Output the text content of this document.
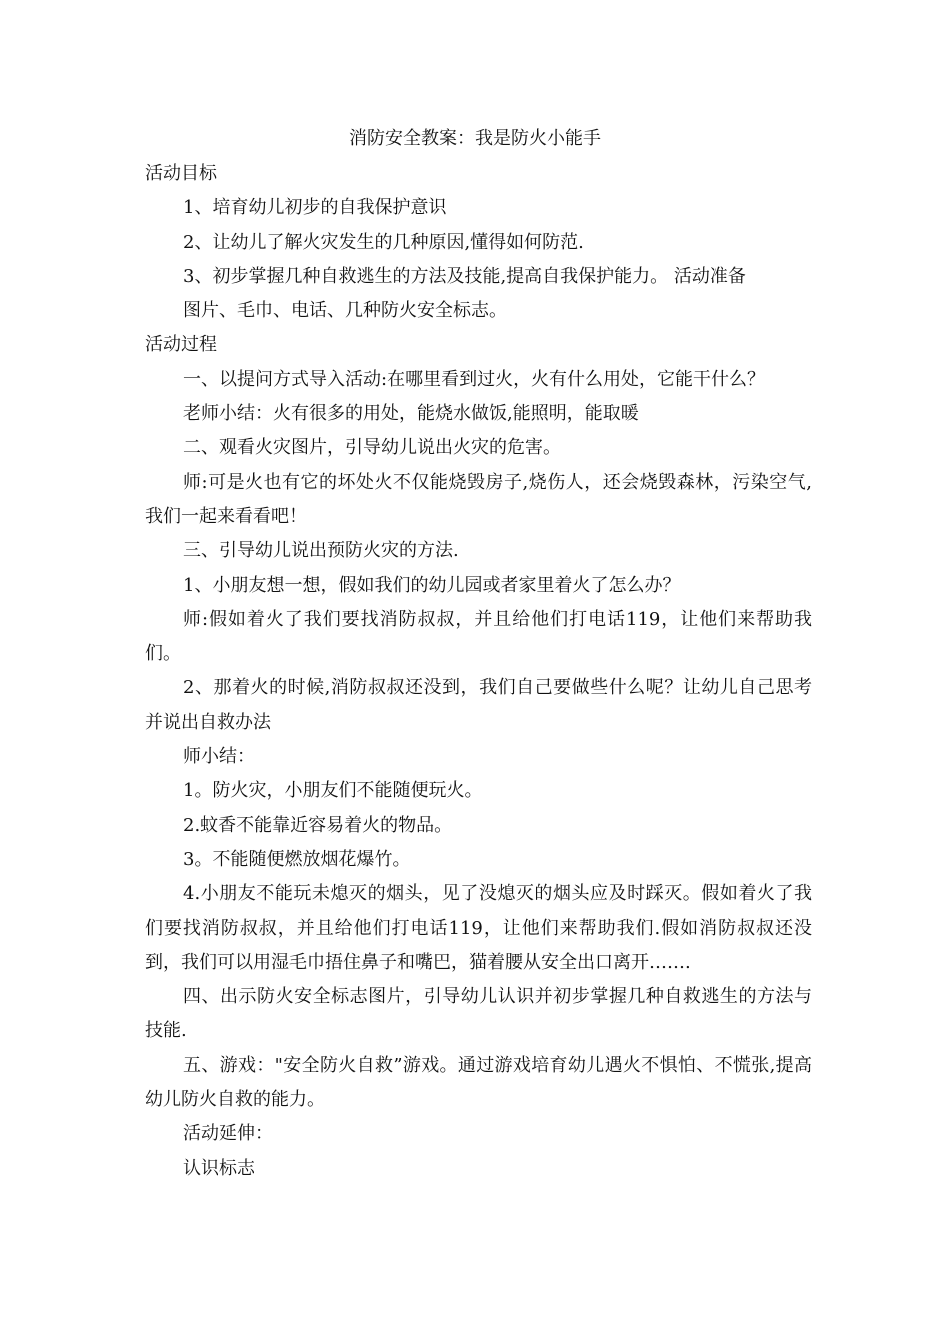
消防安全教案：我是防火小能手

活动目标

1、培育幼儿初步的自我保护意识

2、让幼儿了解火灾发生的几种原因,懂得如何防范.

3、初步掌握几种自救逃生的方法及技能,提高自我保护能力。 活动准备

图片、毛巾、电话、几种防火安全标志。

活动过程

一、以提问方式导入活动:在哪里看到过火，火有什么用处，它能干什么？

老师小结：火有很多的用处，能烧水做饭,能照明，能取暖

二、观看火灾图片，引导幼儿说出火灾的危害。

师:可是火也有它的坏处火不仅能烧毁房子,烧伤人，还会烧毁森林，污染空气,我们一起来看看吧！

三、引导幼儿说出预防火灾的方法.

1、小朋友想一想，假如我们的幼儿园或者家里着火了怎么办？

师:假如着火了我们要找消防叔叔，并且给他们打电话119，让他们来帮助我们。

2、那着火的时候,消防叔叔还没到，我们自己要做些什么呢？让幼儿自己思考并说出自救办法

师小结：

1。防火灾，小朋友们不能随便玩火。

2.蚊香不能靠近容易着火的物品。

3。不能随便燃放烟花爆竹。

4.小朋友不能玩未熄灭的烟头，见了没熄灭的烟头应及时踩灭。假如着火了我们要找消防叔叔，并且给他们打电话119，让他们来帮助我们.假如消防叔叔还没到，我们可以用湿毛巾捂住鼻子和嘴巴，猫着腰从安全出口离开…….

四、出示防火安全标志图片，引导幼儿认识并初步掌握几种自救逃生的方法与技能.

五、游戏："安全防火自救”游戏。通过游戏培育幼儿遇火不惧怕、不慌张,提高幼儿防火自救的能力。

活动延伸：

认识标志
